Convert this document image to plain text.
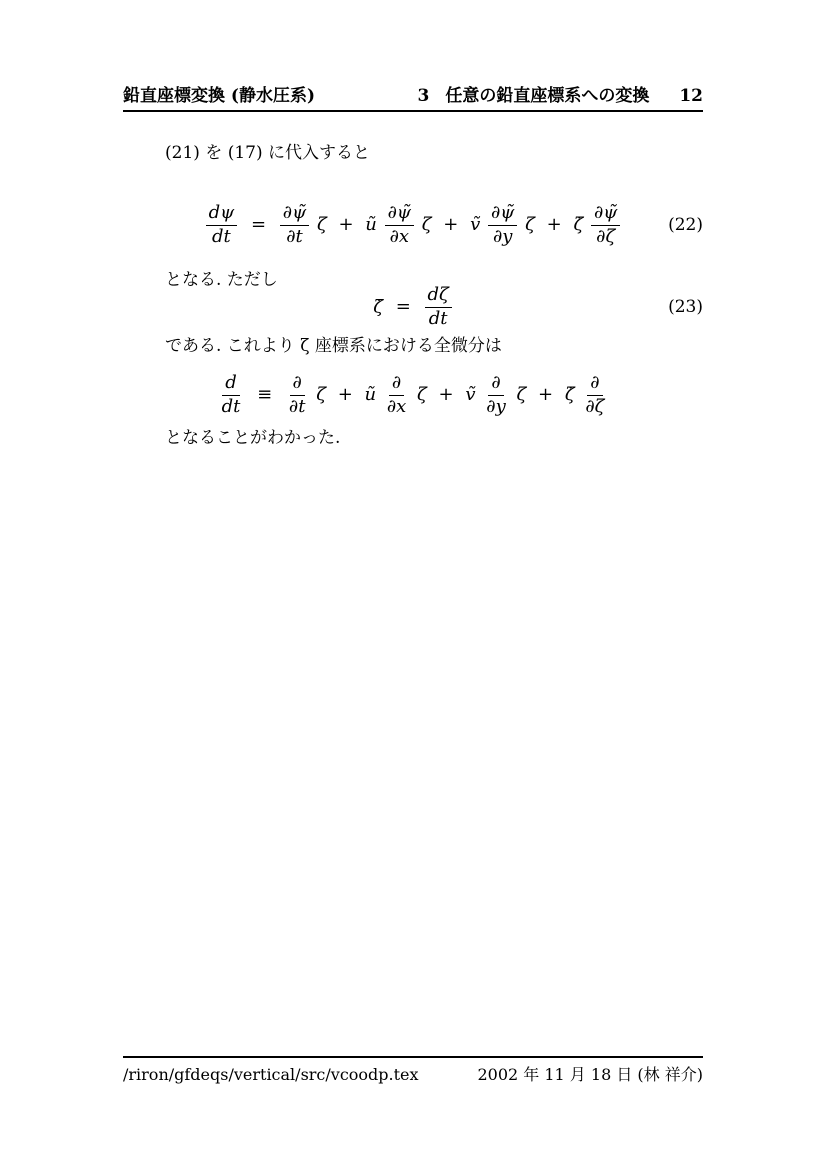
鉛直座標変換 (静水圧系)	3 任意の鉛直座標系への変換 12
(21) を (17) に代入すると
$\frac{d\psi}{dt} = \frac{\partial\psĩ}{\partial t}$ ζ + ũ $\frac{\partial\psĩ}{\partial x}$ ζ + ṽ $\frac{\partial\psĩ}{\partial y}$ ζ + ζ̇ $\frac{\partial\psĩ}{\partial\zeta}$	(22)
となる. ただし
ζ̇ = $\frac{d\zeta}{dt}$	(23)
である. これより ζ 座標系における全微分は
$\frac{d}{dt} \equiv \frac{\partial}{\partial t}$ ζ + ũ $\frac{\partial}{\partial x}$ ζ + ṽ $\frac{\partial}{\partial y}$ ζ + ζ̇ $\frac{\partial}{\partial\zeta}$
となることがわかった.
/riron/gfdeqs/vertical/src/vcoodp.tex	2002 年 11 月 18 日 (林 祥介)
